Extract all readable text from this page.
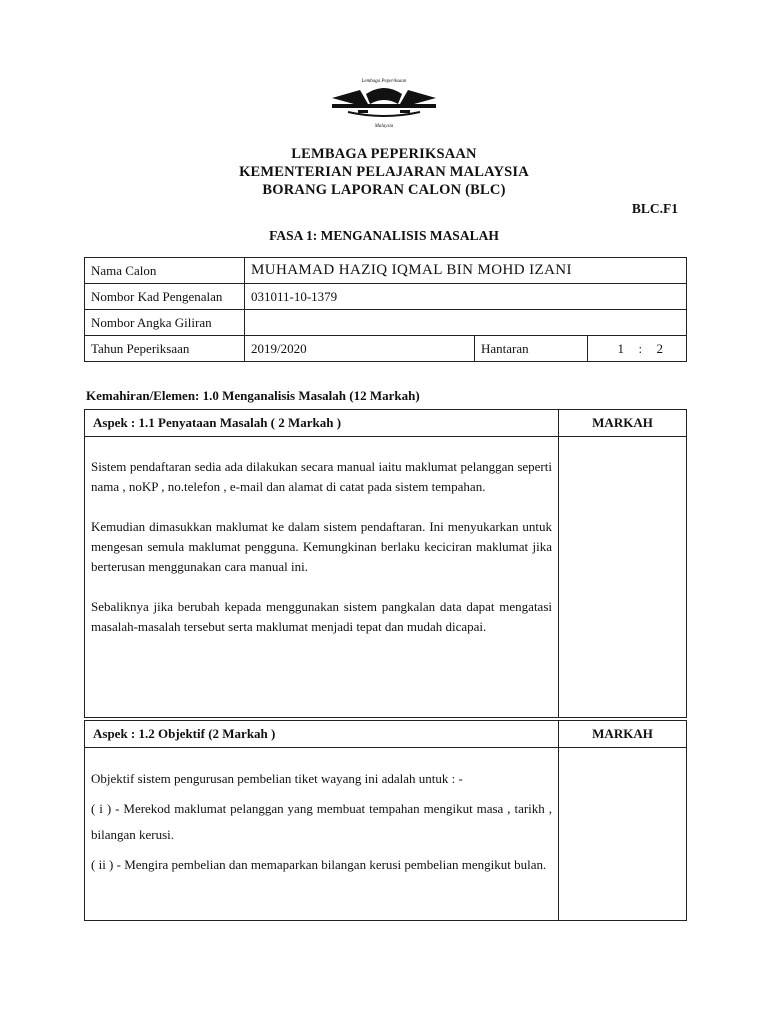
Lembaga Peperiksaan
Malaysia
LEMBAGA PEPERIKSAAN
KEMENTERIAN PELAJARAN MALAYSIA
BORANG LAPORAN CALON (BLC)
BLC.F1
FASA 1: MENGANALISIS MASALAH
Nama Calon	MUHAMAD HAZIQ IQMAL BIN MOHD IZANI		
Nombor Kad Pengenalan	031011-10-1379		
Nombor Angka Giliran			
Tahun Peperiksaan	2019/2020	Hantaran	1 : 2
Kemahiran/Elemen: 1.0 Menganalisis Masalah (12 Markah)
Aspek : 1.1 Penyataan Masalah ( 2 Markah )	MARKAH

Sistem pendaftaran sedia ada dilakukan secara manual iaitu maklumat pelanggan seperti nama , noKP , no.telefon , e-mail dan alamat di catat pada sistem tempahan.

Kemudian dimasukkan maklumat ke dalam sistem pendaftaran. Ini menyukarkan untuk mengesan semula maklumat pengguna. Kemungkinan berlaku keciciran maklumat jika berterusan menggunakan cara manual ini.

Sebaliknya jika berubah kepada menggunakan sistem pangkalan data dapat mengatasi masalah-masalah tersebut serta maklumat menjadi tepat dan mudah dicapai.	

Aspek : 1.2 Objektif (2 Markah )	MARKAH

Objektif sistem pengurusan pembelian tiket wayang ini adalah untuk : -

( i ) - Merekod maklumat pelanggan yang membuat tempahan mengikut masa , tarikh , bilangan kerusi.

( ii ) - Mengira pembelian dan memaparkan bilangan kerusi pembelian mengikut bulan.	
